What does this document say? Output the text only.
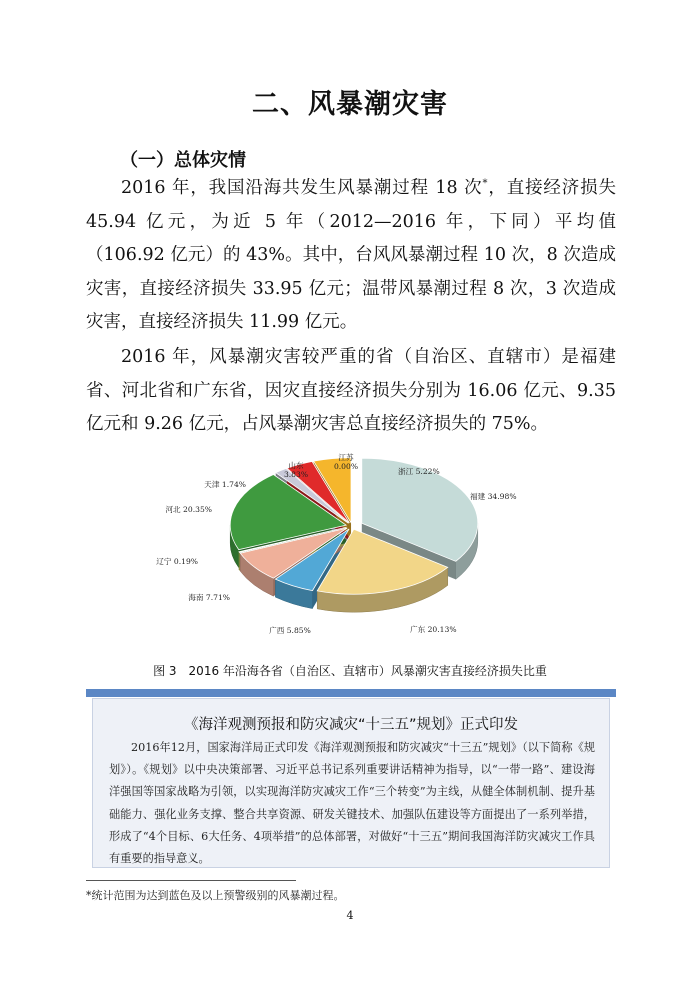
二、风暴潮灾害
（一）总体灾情

2016 年，我国沿海共发生风暴潮过程 18 次*，直接经济损失 45.94 亿元，为近 5 年（2012—2016 年，下同）平均值（106.92 亿元）的 43%。其中，台风风暴潮过程 10 次，8 次造成灾害，直接经济损失 33.95 亿元；温带风暴潮过程 8 次，3 次造成灾害，直接经济损失 11.99 亿元。

2016 年，风暴潮灾害较严重的省（自治区、直辖市）是福建省、河北省和广东省，因灾直接经济损失分别为 16.06 亿元、9.35 亿元和 9.26 亿元，占风暴潮灾害总直接经济损失的 75%。

福建 34.98%
广东 20.13%
广西 5.85%
海南 7.71%
辽宁 0.19%
河北 20.35%
天津 1.74%
山东
3.83%
江苏
0.00%
浙江 5.22%
图 3　2016 年沿海各省（自治区、直辖市）风暴潮灾害直接经济损失比重
《海洋观测预报和防灾减灾“十三五”规划》正式印发

2016年12月，国家海洋局正式印发《海洋观测预报和防灾减灾“十三五”规划》（以下简称《规划》）。《规划》以中央决策部署、习近平总书记系列重要讲话精神为指导，以“一带一路”、建设海洋强国等国家战略为引领，以实现海洋防灾减灾工作“三个转变”为主线，从健全体制机制、提升基础能力、强化业务支撑、整合共享资源、研发关键技术、加强队伍建设等方面提出了一系列举措，形成了“4个目标、6大任务、4项举措”的总体部署，对做好“十三五”期间我国海洋防灾减灾工作具有重要的指导意义。

*统计范围为达到蓝色及以上预警级别的风暴潮过程。
4
